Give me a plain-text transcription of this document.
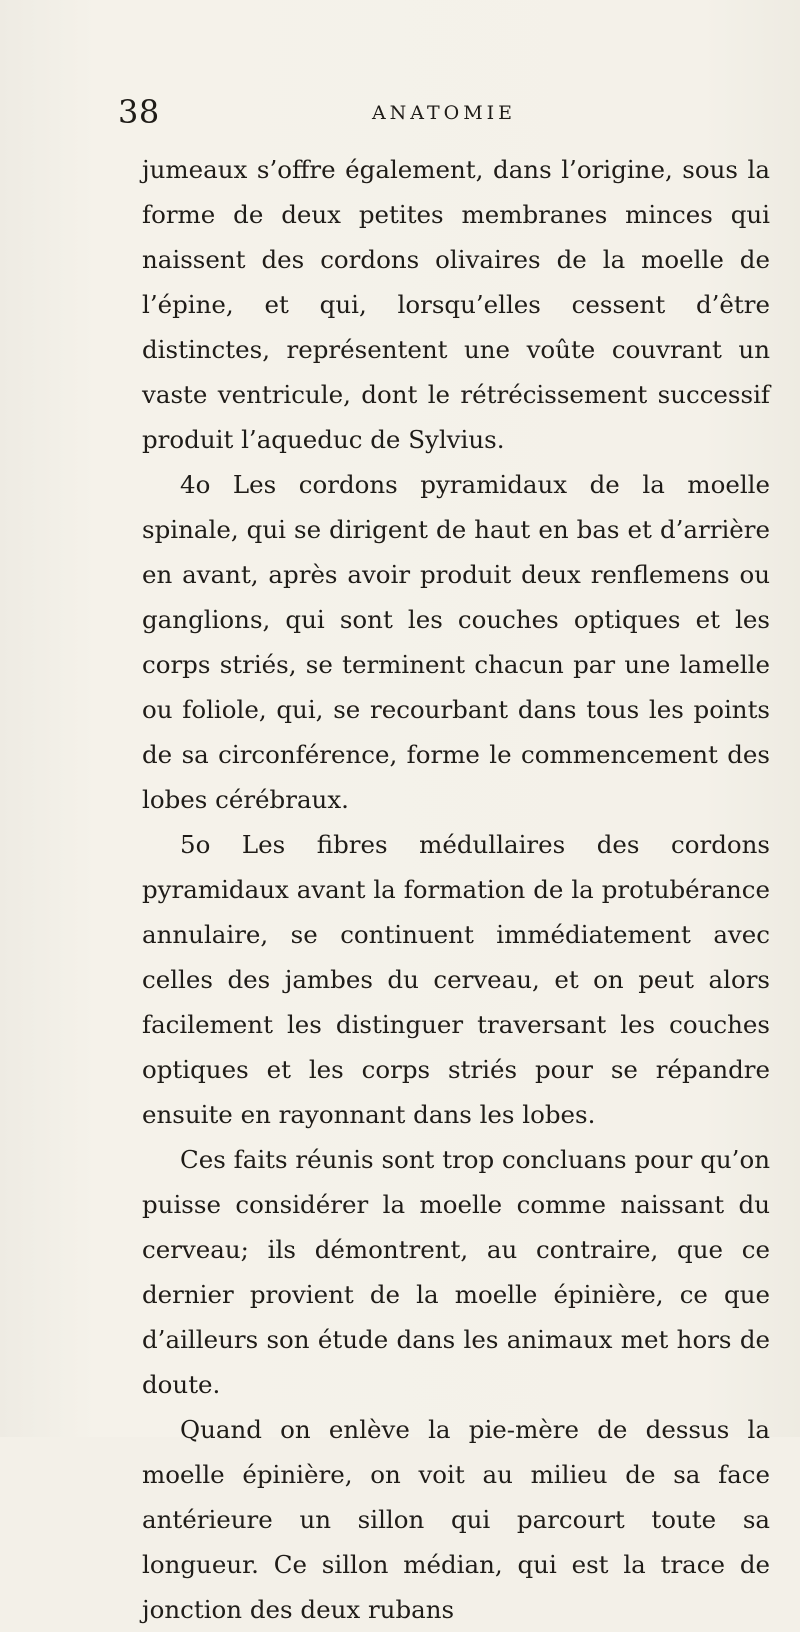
38	ANATOMIE

jumeaux s’offre également, dans l’origine, sous la forme de deux petites membranes minces qui naissent des cordons olivaires de la moelle de l’épine, et qui, lorsqu’elles cessent d’être distinctes, représentent une voûte couvrant un vaste ventricule, dont le rétrécissement successif produit l’aqueduc de Sylvius.

4o Les cordons pyramidaux de la moelle spinale, qui se dirigent de haut en bas et d’arrière en avant, après avoir produit deux renflemens ou ganglions, qui sont les couches optiques et les corps striés, se terminent chacun par une lamelle ou foliole, qui, se recourbant dans tous les points de sa circonférence, forme le commencement des lobes cérébraux.

5o Les fibres médullaires des cordons pyramidaux avant la formation de la protubérance annulaire, se continuent immédiatement avec celles des jambes du cerveau, et on peut alors facilement les distinguer traversant les couches optiques et les corps striés pour se répandre ensuite en rayonnant dans les lobes.

Ces faits réunis sont trop concluans pour qu’on puisse considérer la moelle comme naissant du cerveau; ils démontrent, au contraire, que ce dernier provient de la moelle épinière, ce que d’ailleurs son étude dans les animaux met hors de doute.

Quand on enlève la pie-mère de dessus la moelle épinière, on voit au milieu de sa face antérieure un sillon qui parcourt toute sa longueur. Ce sillon médian, qui est la trace de jonction des deux rubans
